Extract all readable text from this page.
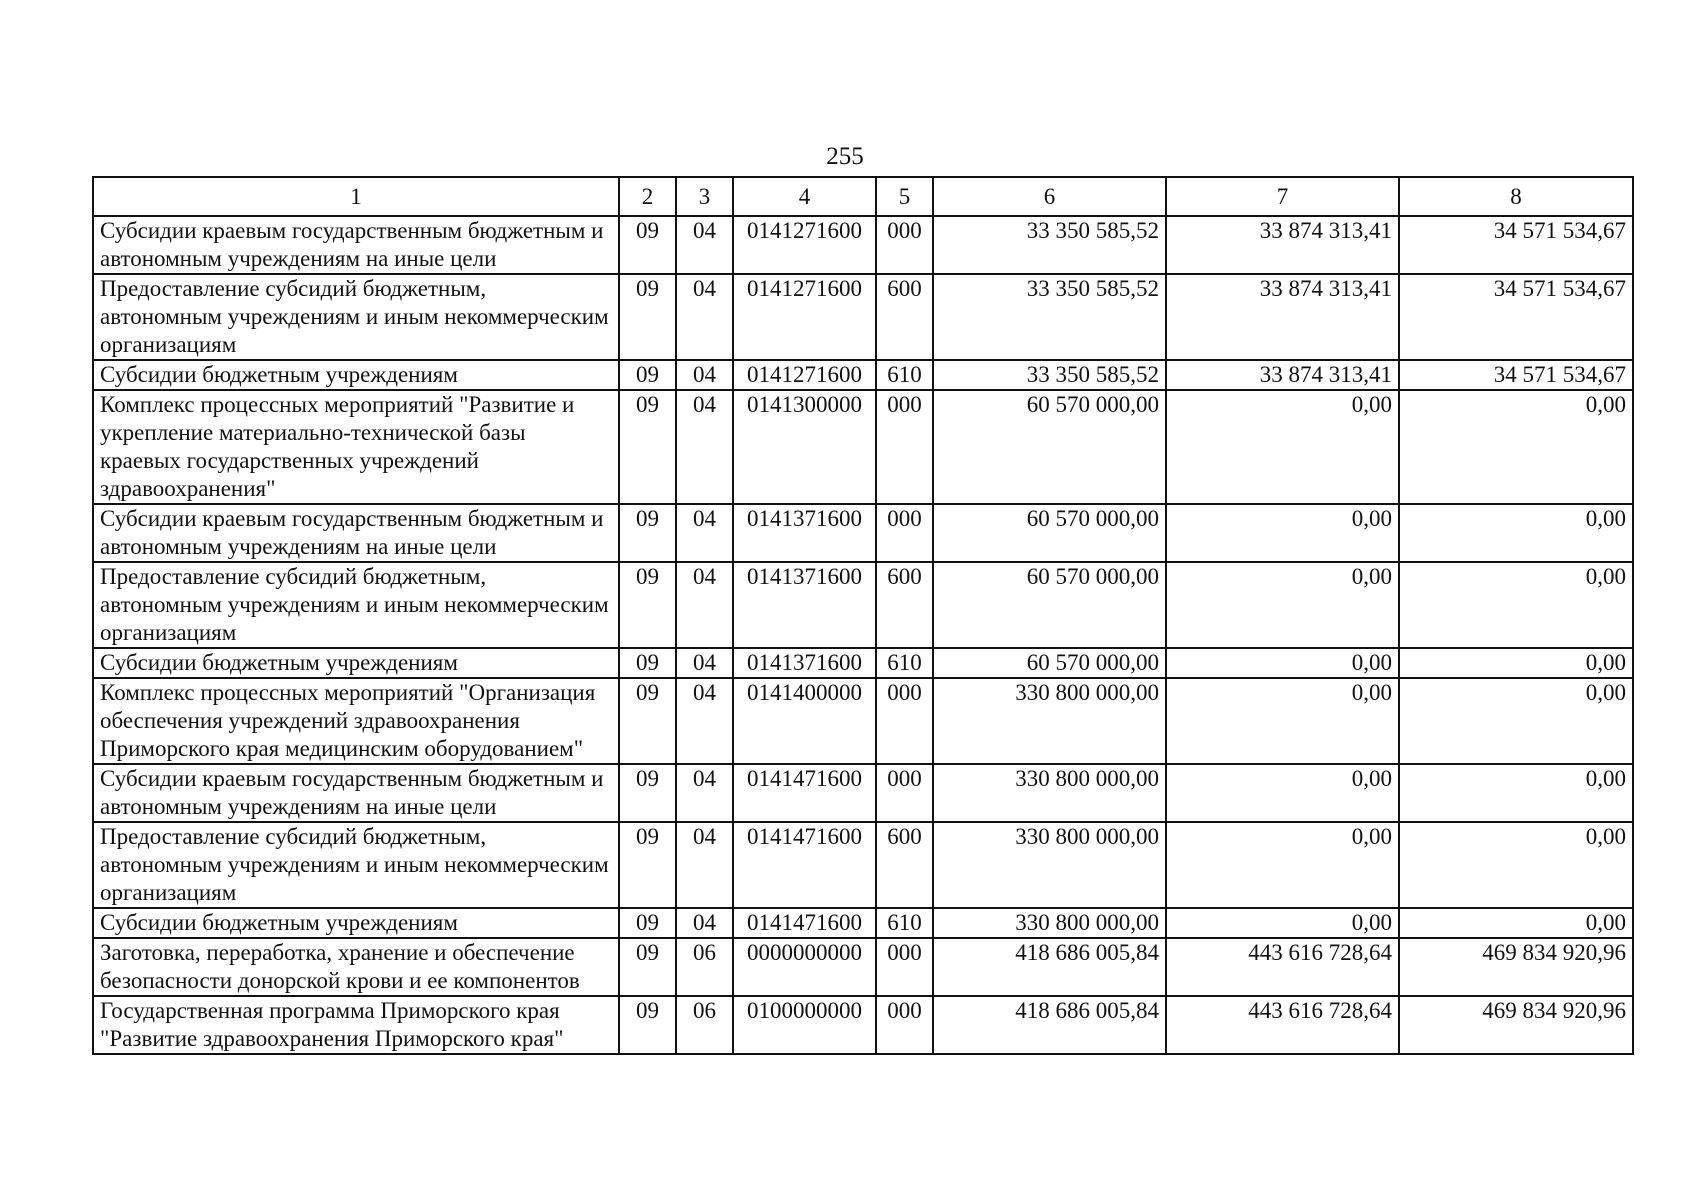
255
1	2	3	4	5	6	7	8
Субсидии краевым государственным бюджетным и автономным учреждениям на иные цели	09	04	0141271600	000	33 350 585,52	33 874 313,41	34 571 534,67
Предоставление субсидий бюджетным, автономным учреждениям и иным некоммерческим организациям	09	04	0141271600	600	33 350 585,52	33 874 313,41	34 571 534,67
Субсидии бюджетным учреждениям	09	04	0141271600	610	33 350 585,52	33 874 313,41	34 571 534,67
Комплекс процессных мероприятий "Развитие и укрепление материально-технической базы краевых государственных учреждений здравоохранения"	09	04	0141300000	000	60 570 000,00	0,00	0,00
Субсидии краевым государственным бюджетным и автономным учреждениям на иные цели	09	04	0141371600	000	60 570 000,00	0,00	0,00
Предоставление субсидий бюджетным, автономным учреждениям и иным некоммерческим организациям	09	04	0141371600	600	60 570 000,00	0,00	0,00
Субсидии бюджетным учреждениям	09	04	0141371600	610	60 570 000,00	0,00	0,00
Комплекс процессных мероприятий "Организация обеспечения учреждений здравоохранения Приморского края медицинским оборудованием"	09	04	0141400000	000	330 800 000,00	0,00	0,00
Субсидии краевым государственным бюджетным и автономным учреждениям на иные цели	09	04	0141471600	000	330 800 000,00	0,00	0,00
Предоставление субсидий бюджетным, автономным учреждениям и иным некоммерческим организациям	09	04	0141471600	600	330 800 000,00	0,00	0,00
Субсидии бюджетным учреждениям	09	04	0141471600	610	330 800 000,00	0,00	0,00
Заготовка, переработка, хранение и обеспечение безопасности донорской крови и ее компонентов	09	06	0000000000	000	418 686 005,84	443 616 728,64	469 834 920,96
Государственная программа Приморского края "Развитие здравоохранения Приморского края"	09	06	0100000000	000	418 686 005,84	443 616 728,64	469 834 920,96
